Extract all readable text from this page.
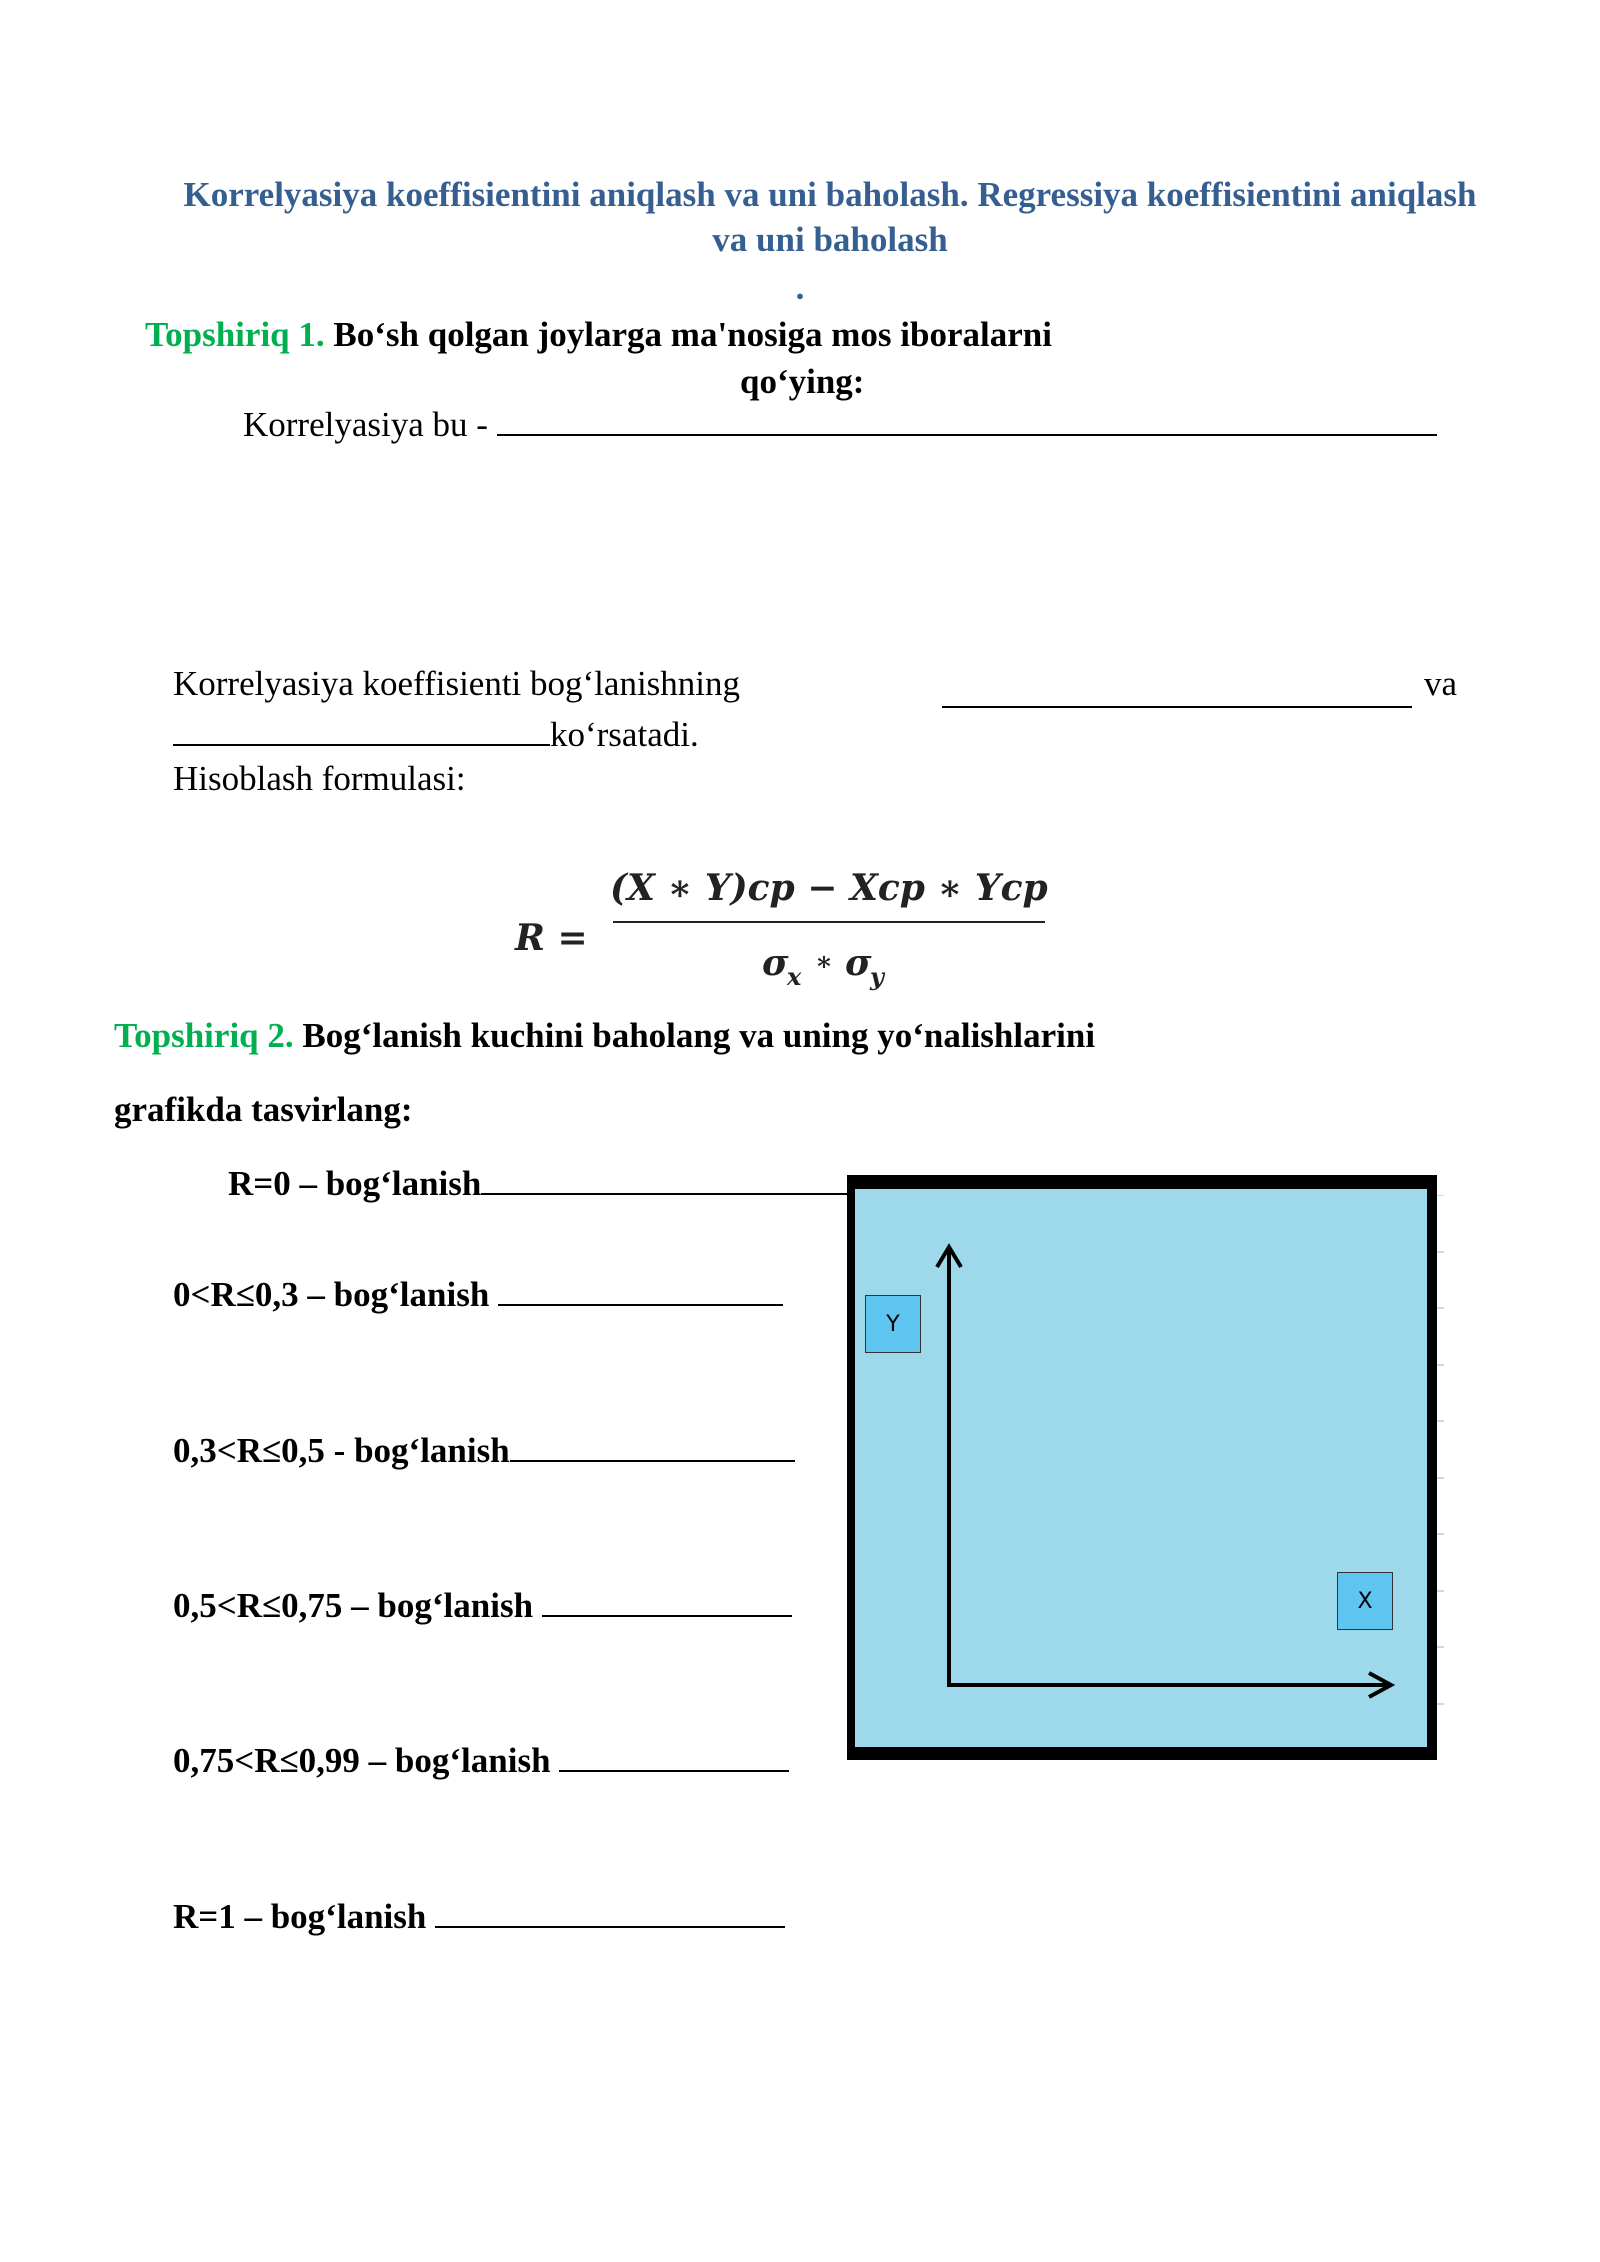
Korrelyasiya koeffisientini aniqlash va uni baholash. Regressiya koeffisientini aniqlash
va uni baholash
.
Topshiriq 1. Bo‘sh qolgan joylarga ma'nosiga mos iboralarni
qo‘ying:
Korrelyasiya bu -
Korrelyasiya koeffisienti bog‘lanishning	va
ko‘rsatadi.
Hisoblash formulasi:
R =
(X ∗ Y)cp − Xcp ∗ Ycp
σ
x ∗ σ
y
Topshiriq 2. Bog‘lanish kuchini baholang va uning yo‘nalishlarini
grafikda tasvirlang:
R=0 – bog‘lanish
0<R≤0,3 – bog‘lanish
0,3<R≤0,5 - bog‘lanish
0,5<R≤0,75 – bog‘lanish
0,75<R≤0,99 – bog‘lanish
R=1 – bog‘lanish
Y
X
